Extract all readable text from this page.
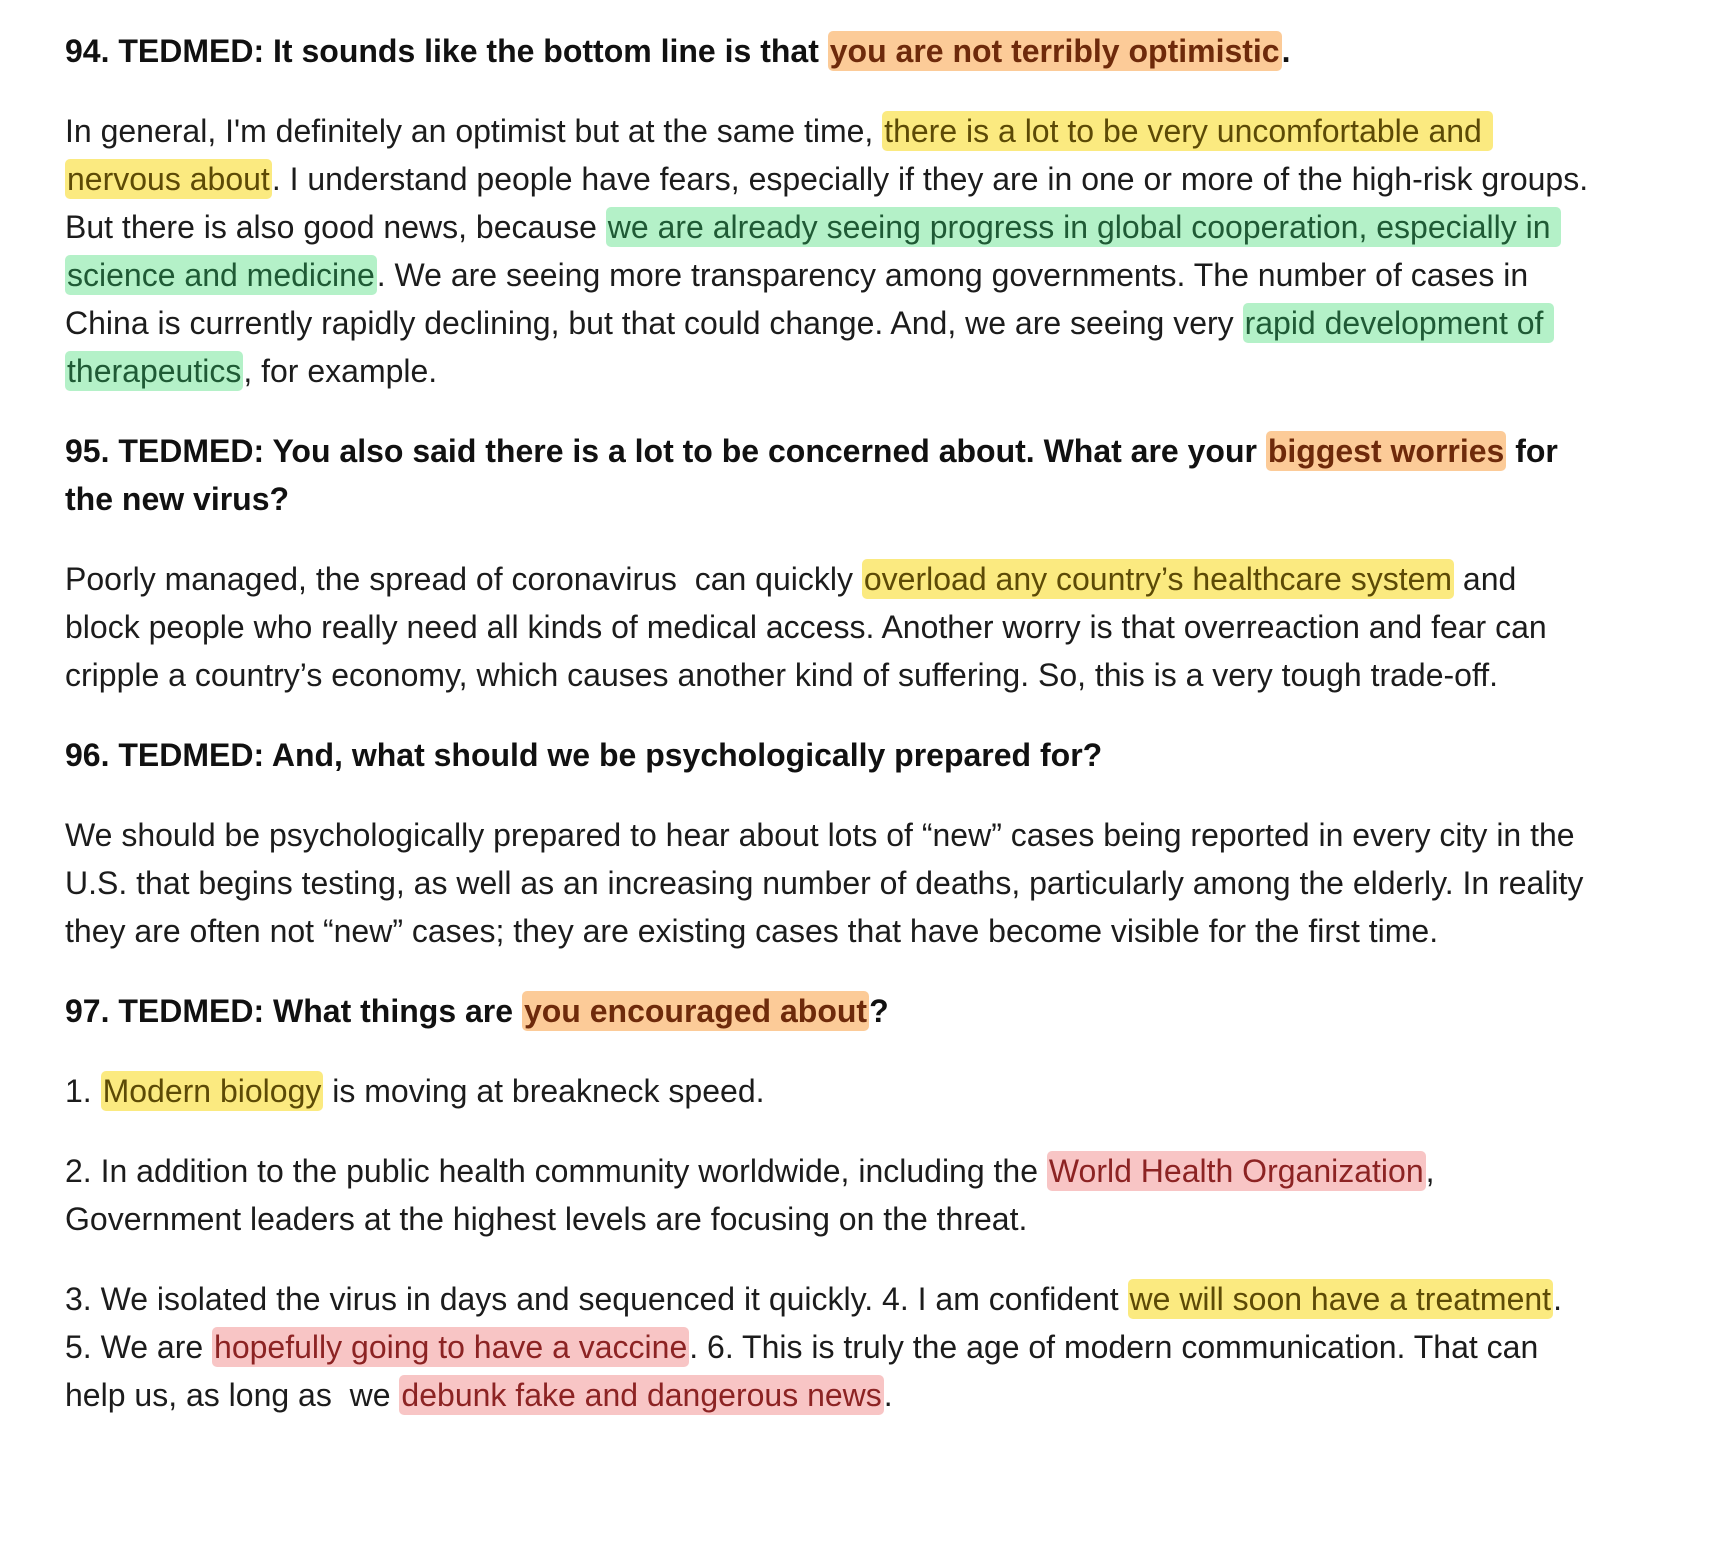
94. TEDMED: It sounds like the bottom line is that you are not terribly optimistic.

In general, I'm definitely an optimist but at the same time, there is a lot to be very uncomfortable and nervous about. I understand people have fears, especially if they are in one or more of the high-risk groups. But there is also good news, because we are already seeing progress in global cooperation, especially in science and medicine. We are seeing more transparency among governments. The number of cases in China is currently rapidly declining, but that could change. And, we are seeing very rapid development of therapeutics, for example.

95. TEDMED: You also said there is a lot to be concerned about. What are your biggest worries for the new virus?

Poorly managed, the spread of coronavirus  can quickly overload any country’s healthcare system and block people who really need all kinds of medical access. Another worry is that overreaction and fear can cripple a country’s economy, which causes another kind of suffering. So, this is a very tough trade-off.

96. TEDMED: And, what should we be psychologically prepared for?

We should be psychologically prepared to hear about lots of “new” cases being reported in every city in the U.S. that begins testing, as well as an increasing number of deaths, particularly among the elderly. In reality they are often not “new” cases; they are existing cases that have become visible for the first time.

97. TEDMED: What things are you encouraged about?

1. Modern biology is moving at breakneck speed.

2. In addition to the public health community worldwide, including the World Health Organization, Government leaders at the highest levels are focusing on the threat.

3. We isolated the virus in days and sequenced it quickly. 4. I am confident we will soon have a treatment. 5. We are hopefully going to have a vaccine. 6. This is truly the age of modern communication. That can help us, as long as  we debunk fake and dangerous news.
